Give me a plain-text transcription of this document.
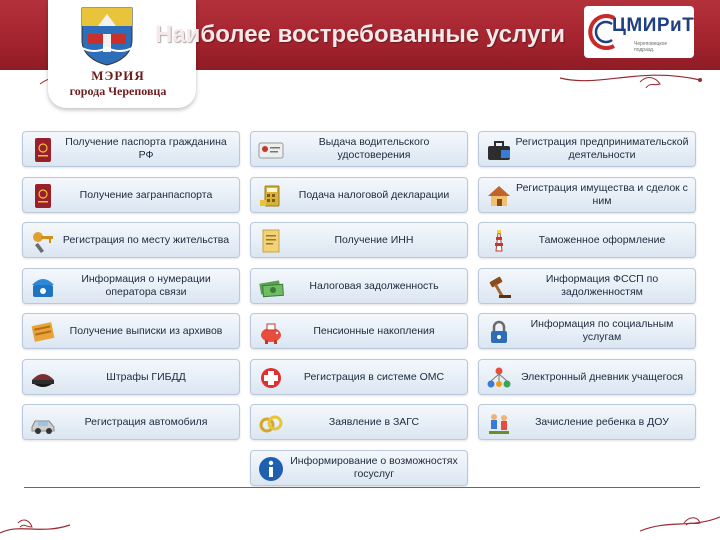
МЭРИЯ
города Череповца
Наиболее востребованные услуги ЦМИРиТ
Череповецкое
подразд.
Получение паспорта гражданина РФ
Получение загранпаспорта
Регистрация по месту жительства
Информация о нумерации оператора связи
Получение выписки из архивов
Штрафы ГИБДД
Регистрация автомобиля
Выдача водительского удостоверения
Подача налоговой декларации
Получение ИНН
Налоговая задолженность
Пенсионные накопления
Регистрация в системе ОМС
Заявление в ЗАГС
Информирование о возможностях госуслуг
Регистрация предпринимательской деятельности
Регистрация имущества и сделок с ним
Таможенное оформление
Информация ФССП по задолженностям
Информация по социальным услугам
Электронный дневник учащегося
Зачисление ребенка в ДОУ
